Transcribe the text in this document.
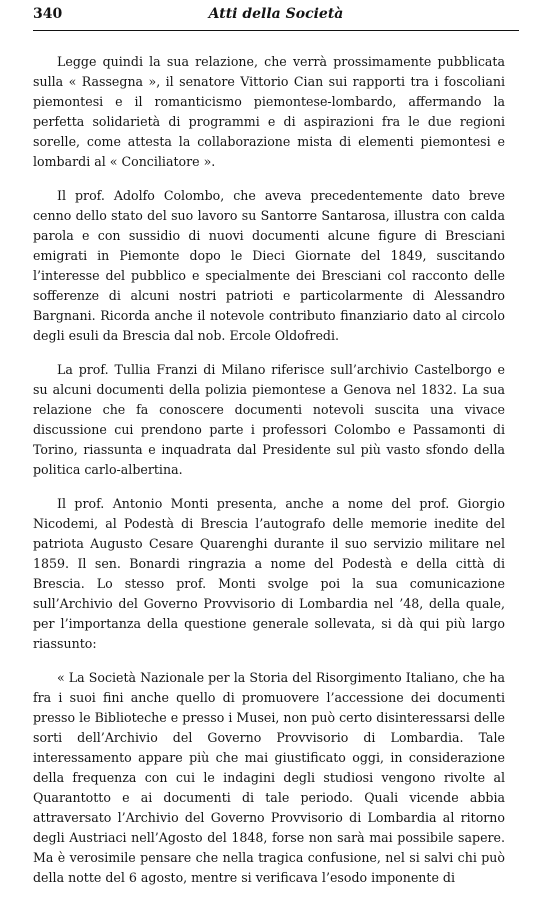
340	Atti della Società

Legge quindi la sua relazione, che verrà prossimamente pubblicata sulla « Rassegna », il senatore Vittorio Cian sui rapporti tra i foscoliani piemontesi e il romanticismo piemontese-lombardo, affermando la perfetta solidarietà di programmi e di aspirazioni fra le due regioni sorelle, come attesta la collaborazione mista di elementi piemontesi e lombardi al « Conciliatore ».

Il prof. Adolfo Colombo, che aveva precedentemente dato breve cenno dello stato del suo lavoro su Santorre Santarosa, illustra con calda parola e con sussidio di nuovi documenti alcune figure di Bresciani emigrati in Piemonte dopo le Dieci Giornate del 1849, suscitando l’interesse del pubblico e specialmente dei Bresciani col racconto delle sofferenze di alcuni nostri patrioti e particolarmente di Alessandro Bargnani. Ricorda anche il notevole contributo finanziario dato al circolo degli esuli da Brescia dal nob. Ercole Oldofredi.

La prof. Tullia Franzi di Milano riferisce sull’archivio Castelborgo e su alcuni documenti della polizia piemontese a Genova nel 1832. La sua relazione che fa conoscere documenti notevoli suscita una vivace discussione cui prendono parte i professori Colombo e Passamonti di Torino, riassunta e inquadrata dal Presidente sul più vasto sfondo della politica carlo-albertina.

Il prof. Antonio Monti presenta, anche a nome del prof. Giorgio Nicodemi, al Podestà di Brescia l’autografo delle memorie inedite del patriota Augusto Cesare Quarenghi durante il suo servizio militare nel 1859. Il sen. Bonardi ringrazia a nome del Podestà e della città di Brescia. Lo stesso prof. Monti svolge poi la sua comunicazione sull’Archivio del Governo Provvisorio di Lombardia nel ’48, della quale, per l’importanza della questione generale sollevata, si dà qui più largo riassunto:

« La Società Nazionale per la Storia del Risorgimento Italiano, che ha fra i suoi fini anche quello di promuovere l’accessione dei documenti presso le Biblioteche e presso i Musei, non può certo disinteressarsi delle sorti dell’Archivio del Governo Provvisorio di Lombardia. Tale interessamento appare più che mai giustificato oggi, in considerazione della frequenza con cui le indagini degli studiosi vengono rivolte al Quarantotto e ai documenti di tale periodo. Quali vicende abbia attraversato l’Archivio del Governo Provvisorio di Lombardia al ritorno degli Austriaci nell’Agosto del 1848, forse non sarà mai possibile sapere. Ma è verosimile pensare che nella tragica confusione, nel si salvi chi può della notte del 6 agosto, mentre si verificava l’esodo imponente di
